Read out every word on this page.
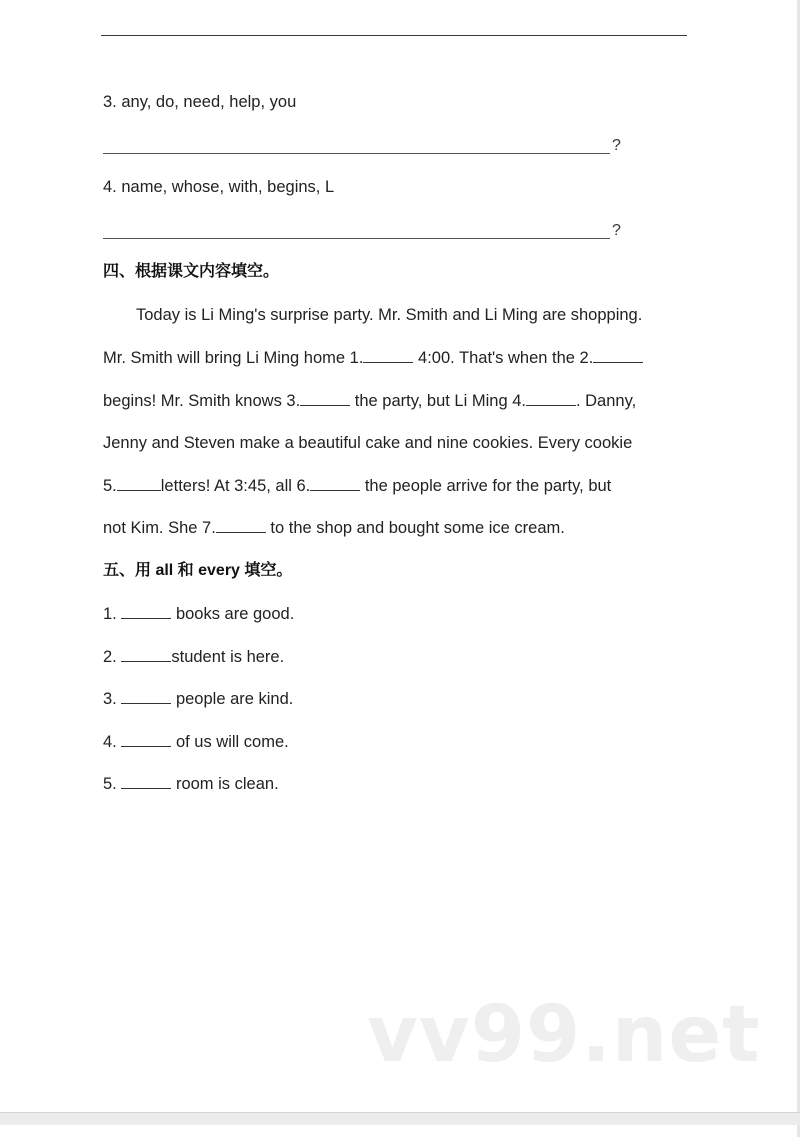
3. any, do, need, help, you
?
4. name, whose, with, begins, L
?
四、根据课文内容填空。
Today is Li Ming's surprise party. Mr. Smith and Li Ming are shopping.
Mr. Smith will bring Li Ming home 1.	4:00. That's when the 2.
begins! Mr. Smith knows 3.	the party, but Li Ming 4.	. Danny,
Jenny and Steven make a beautiful cake and nine cookies. Every cookie
5.	letters! At 3:45, all 6.	the people arrive for the party, but
not Kim. She 7.	to the shop and bought some ice cream.
五、用 all 和 every 填空。
1.	books are good.
2.	student is here.
3.	people are kind.
4.	of us will come.
5.	room is clean.
vv99.net
